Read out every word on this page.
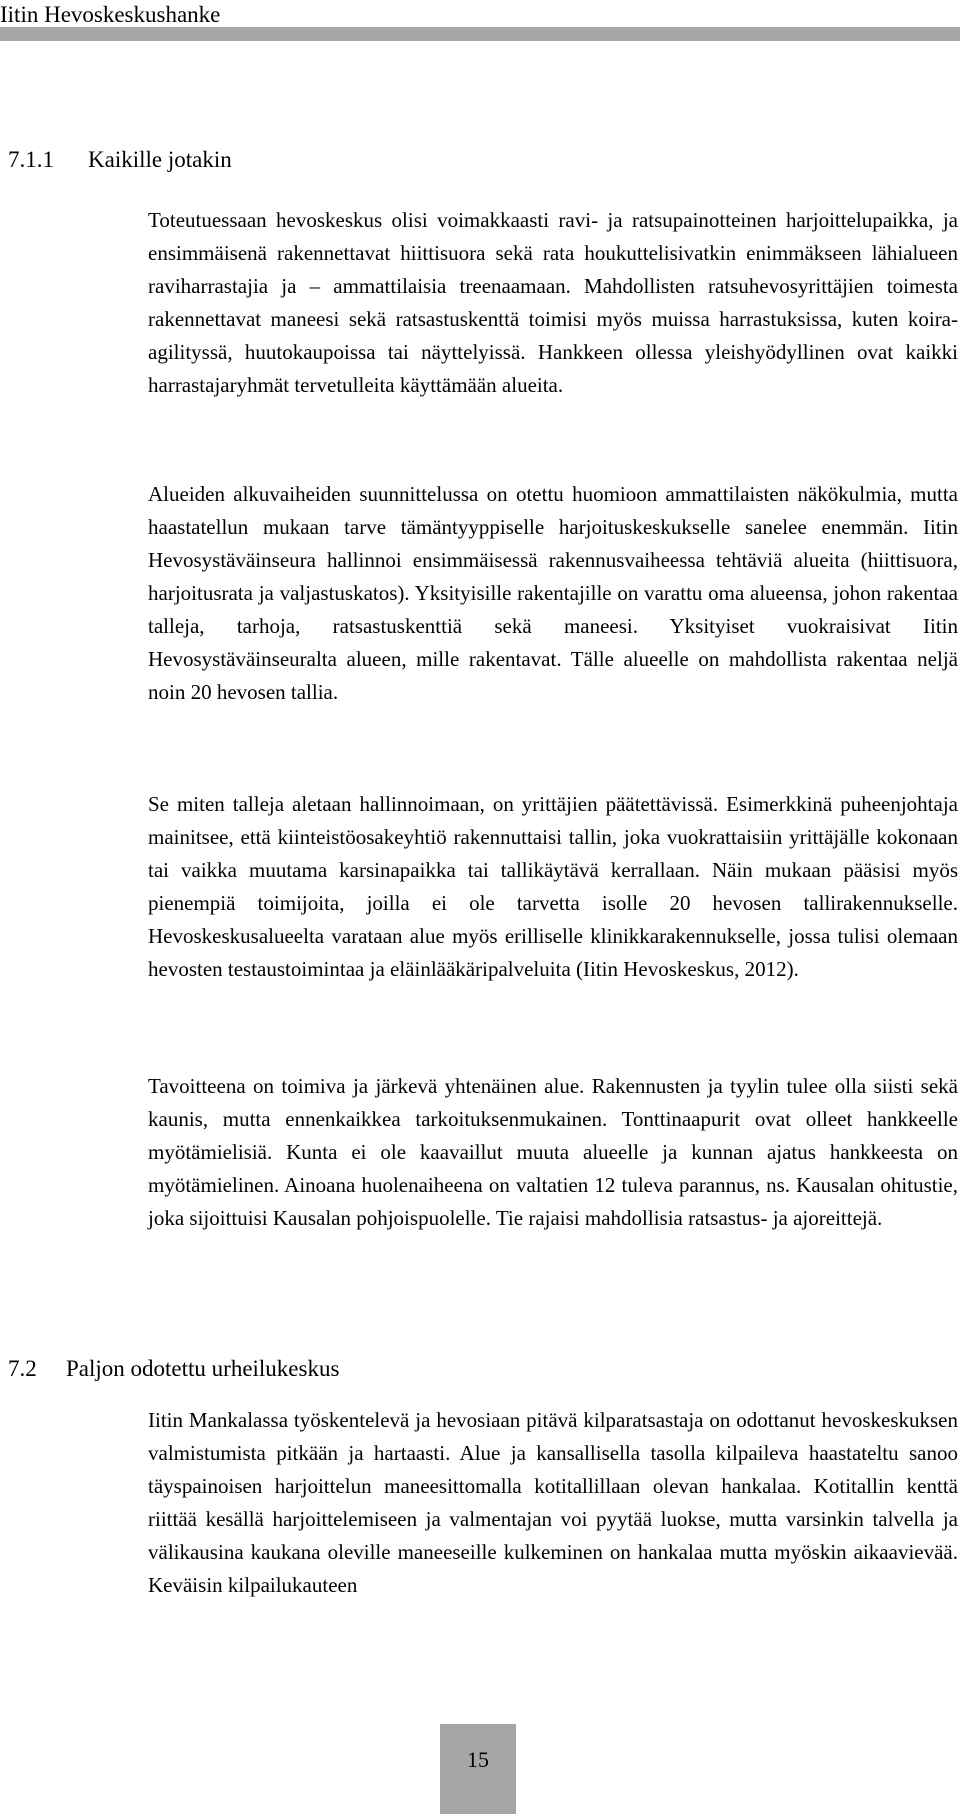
Iitin Hevoskeskushanke
7.1.1 Kaikille jotakin
Toteutuessaan hevoskeskus olisi voimakkaasti ravi- ja ratsupainotteinen harjoittelupaikka, ja ensimmäisenä rakennettavat hiittisuora sekä rata houkuttelisivatkin enimmäkseen lähialueen raviharrastajia ja – ammattilaisia treenaamaan. Mahdollisten ratsuhevosyrittäjien toimesta rakennettavat maneesi sekä ratsastuskenttä toimisi myös muissa harrastuksissa, kuten koira-agilityssä, huutokaupoissa tai näyttelyissä. Hankkeen ollessa yleishyödyllinen ovat kaikki harrastajaryhmät tervetulleita käyttämään alueita.
Alueiden alkuvaiheiden suunnittelussa on otettu huomioon ammattilaisten näkökulmia, mutta haastatellun mukaan tarve tämäntyyppiselle harjoituskeskukselle sanelee enemmän. Iitin Hevosystäväinseura hallinnoi ensimmäisessä rakennusvaiheessa tehtäviä alueita (hiittisuora, harjoitusrata ja valjastuskatos). Yksityisille rakentajille on varattu oma alueensa, johon rakentaa talleja, tarhoja, ratsastuskenttiä sekä maneesi. Yksityiset vuokraisivat Iitin Hevosystäväinseuralta alueen, mille rakentavat. Tälle alueelle on mahdollista rakentaa neljä noin 20 hevosen tallia.
Se miten talleja aletaan hallinnoimaan, on yrittäjien päätettävissä. Esimerkkinä puheenjohtaja mainitsee, että kiinteistöosakeyhtiö rakennuttaisi tallin, joka vuokrattaisiin yrittäjälle kokonaan tai vaikka muutama karsinapaikka tai tallikäytävä kerrallaan. Näin mukaan pääsisi myös pienempiä toimijoita, joilla ei ole tarvetta isolle 20 hevosen tallirakennukselle. Hevoskeskusalueelta varataan alue myös erilliselle klinikkarakennukselle, jossa tulisi olemaan hevosten testaustoimintaa ja eläinlääkäripalveluita (Iitin Hevoskeskus, 2012).
Tavoitteena on toimiva ja järkevä yhtenäinen alue. Rakennusten ja tyylin tulee olla siisti sekä kaunis, mutta ennenkaikkea tarkoituksenmukainen. Tonttinaapurit ovat olleet hankkeelle myötämielisiä. Kunta ei ole kaavaillut muuta alueelle ja kunnan ajatus hankkeesta on myötämielinen. Ainoana huolenaiheena on valtatien 12 tuleva parannus, ns. Kausalan ohitustie, joka sijoittuisi Kausalan pohjoispuolelle. Tie rajaisi mahdollisia ratsastus- ja ajoreittejä.
7.2 Paljon odotettu urheilukeskus
Iitin Mankalassa työskentelevä ja hevosiaan pitävä kilparatsastaja on odottanut hevoskeskuksen valmistumista pitkään ja hartaasti. Alue ja kansallisella tasolla kilpaileva haastateltu sanoo täyspainoisen harjoittelun maneesittomalla kotitallillaan olevan hankalaa. Kotitallin kenttä riittää kesällä harjoittelemiseen ja valmentajan voi pyytää luokse, mutta varsinkin talvella ja välikausina kaukana oleville maneeseille kulkeminen on hankalaa mutta myöskin aikaavievää. Keväisin kilpailukauteen
15
